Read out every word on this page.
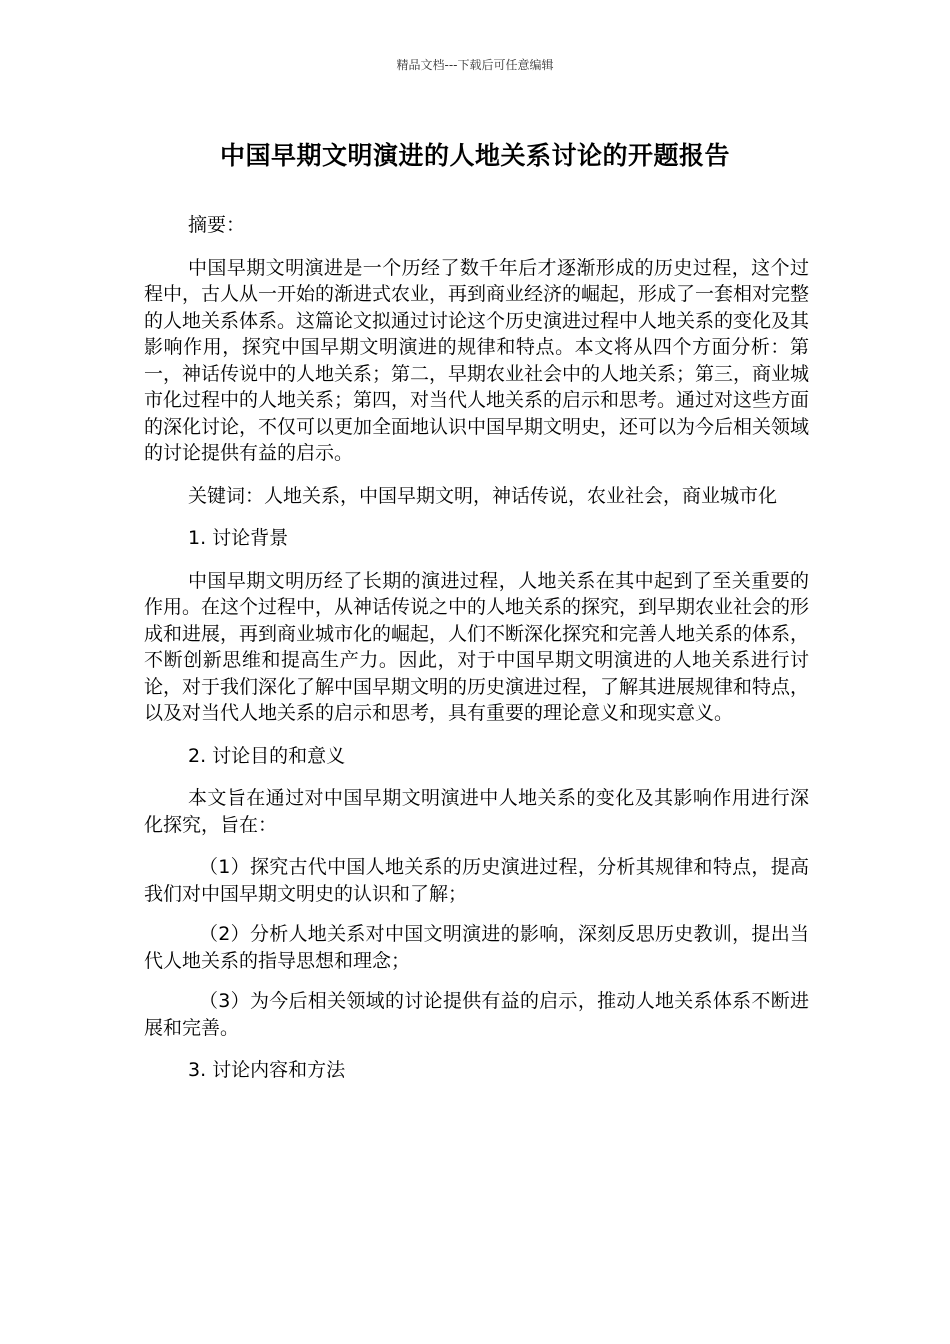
精品文档---下载后可任意编辑
中国早期文明演进的人地关系讨论的开题报告

摘要：

中国早期文明演进是一个历经了数千年后才逐渐形成的历史过程，这个过程中，古人从一开始的渐进式农业，再到商业经济的崛起，形成了一套相对完整的人地关系体系。这篇论文拟通过讨论这个历史演进过程中人地关系的变化及其影响作用，探究中国早期文明演进的规律和特点。本文将从四个方面分析：第一，神话传说中的人地关系；第二，早期农业社会中的人地关系；第三，商业城市化过程中的人地关系；第四，对当代人地关系的启示和思考。通过对这些方面的深化讨论，不仅可以更加全面地认识中国早期文明史，还可以为今后相关领域的讨论提供有益的启示。

关键词：人地关系，中国早期文明，神话传说，农业社会，商业城市化

1. 讨论背景

中国早期文明历经了长期的演进过程，人地关系在其中起到了至关重要的作用。在这个过程中，从神话传说之中的人地关系的探究，到早期农业社会的形成和进展，再到商业城市化的崛起，人们不断深化探究和完善人地关系的体系，不断创新思维和提高生产力。因此，对于中国早期文明演进的人地关系进行讨论，对于我们深化了解中国早期文明的历史演进过程，了解其进展规律和特点，以及对当代人地关系的启示和思考，具有重要的理论意义和现实意义。

2. 讨论目的和意义

本文旨在通过对中国早期文明演进中人地关系的变化及其影响作用进行深化探究，旨在：

（1）探究古代中国人地关系的历史演进过程，分析其规律和特点，提高我们对中国早期文明史的认识和了解；

（2）分析人地关系对中国文明演进的影响，深刻反思历史教训，提出当代人地关系的指导思想和理念；

（3）为今后相关领域的讨论提供有益的启示，推动人地关系体系不断进展和完善。

3. 讨论内容和方法
